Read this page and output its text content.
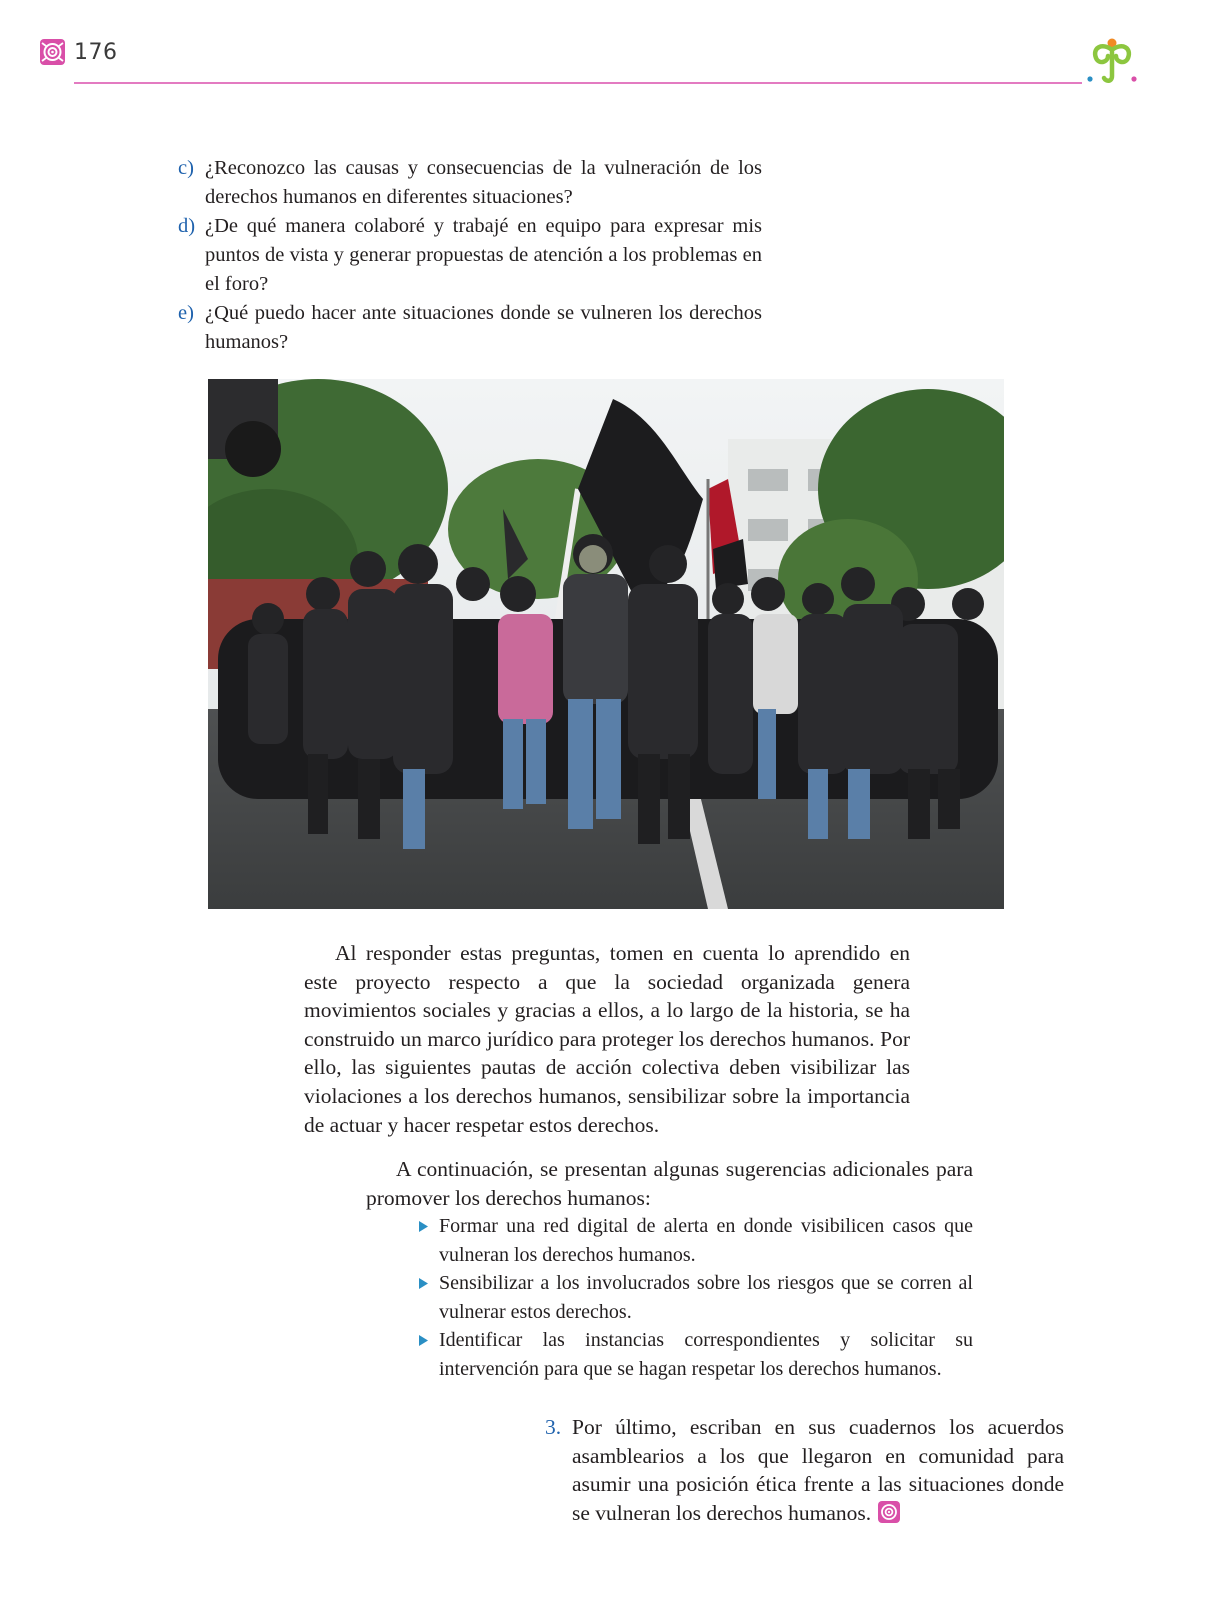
176
c) ¿Reconozco las causas y consecuencias de la vulneración de los derechos humanos en diferentes situaciones?
d) ¿De qué manera colaboré y trabajé en equipo para expresar mis puntos de vista y generar propuestas de atención a los problemas en el foro?
e) ¿Qué puedo hacer ante situaciones donde se vulneren los derechos humanos?
Al responder estas preguntas, tomen en cuenta lo aprendido en este proyecto respecto a que la sociedad organizada genera movimientos sociales y gracias a ellos, a lo largo de la historia, se ha construido un marco jurídico para proteger los derechos humanos. Por ello, las siguientes pautas de acción colectiva deben visibilizar las violaciones a los derechos humanos, sensibilizar sobre la importancia de actuar y hacer respetar estos derechos.
A continuación, se presentan algunas sugerencias adicionales para promover los derechos humanos:
Formar una red digital de alerta en donde visibilicen casos que vulneran los derechos humanos.
Sensibilizar a los involucrados sobre los riesgos que se corren al vulnerar estos derechos.
Identificar las instancias correspondientes y solicitar su intervención para que se hagan respetar los derechos humanos.
3. Por último, escriban en sus cuadernos los acuerdos asamblearios a los que llegaron en comunidad para asumir una posición ética frente a las situaciones donde se vulneran los derechos humanos.
